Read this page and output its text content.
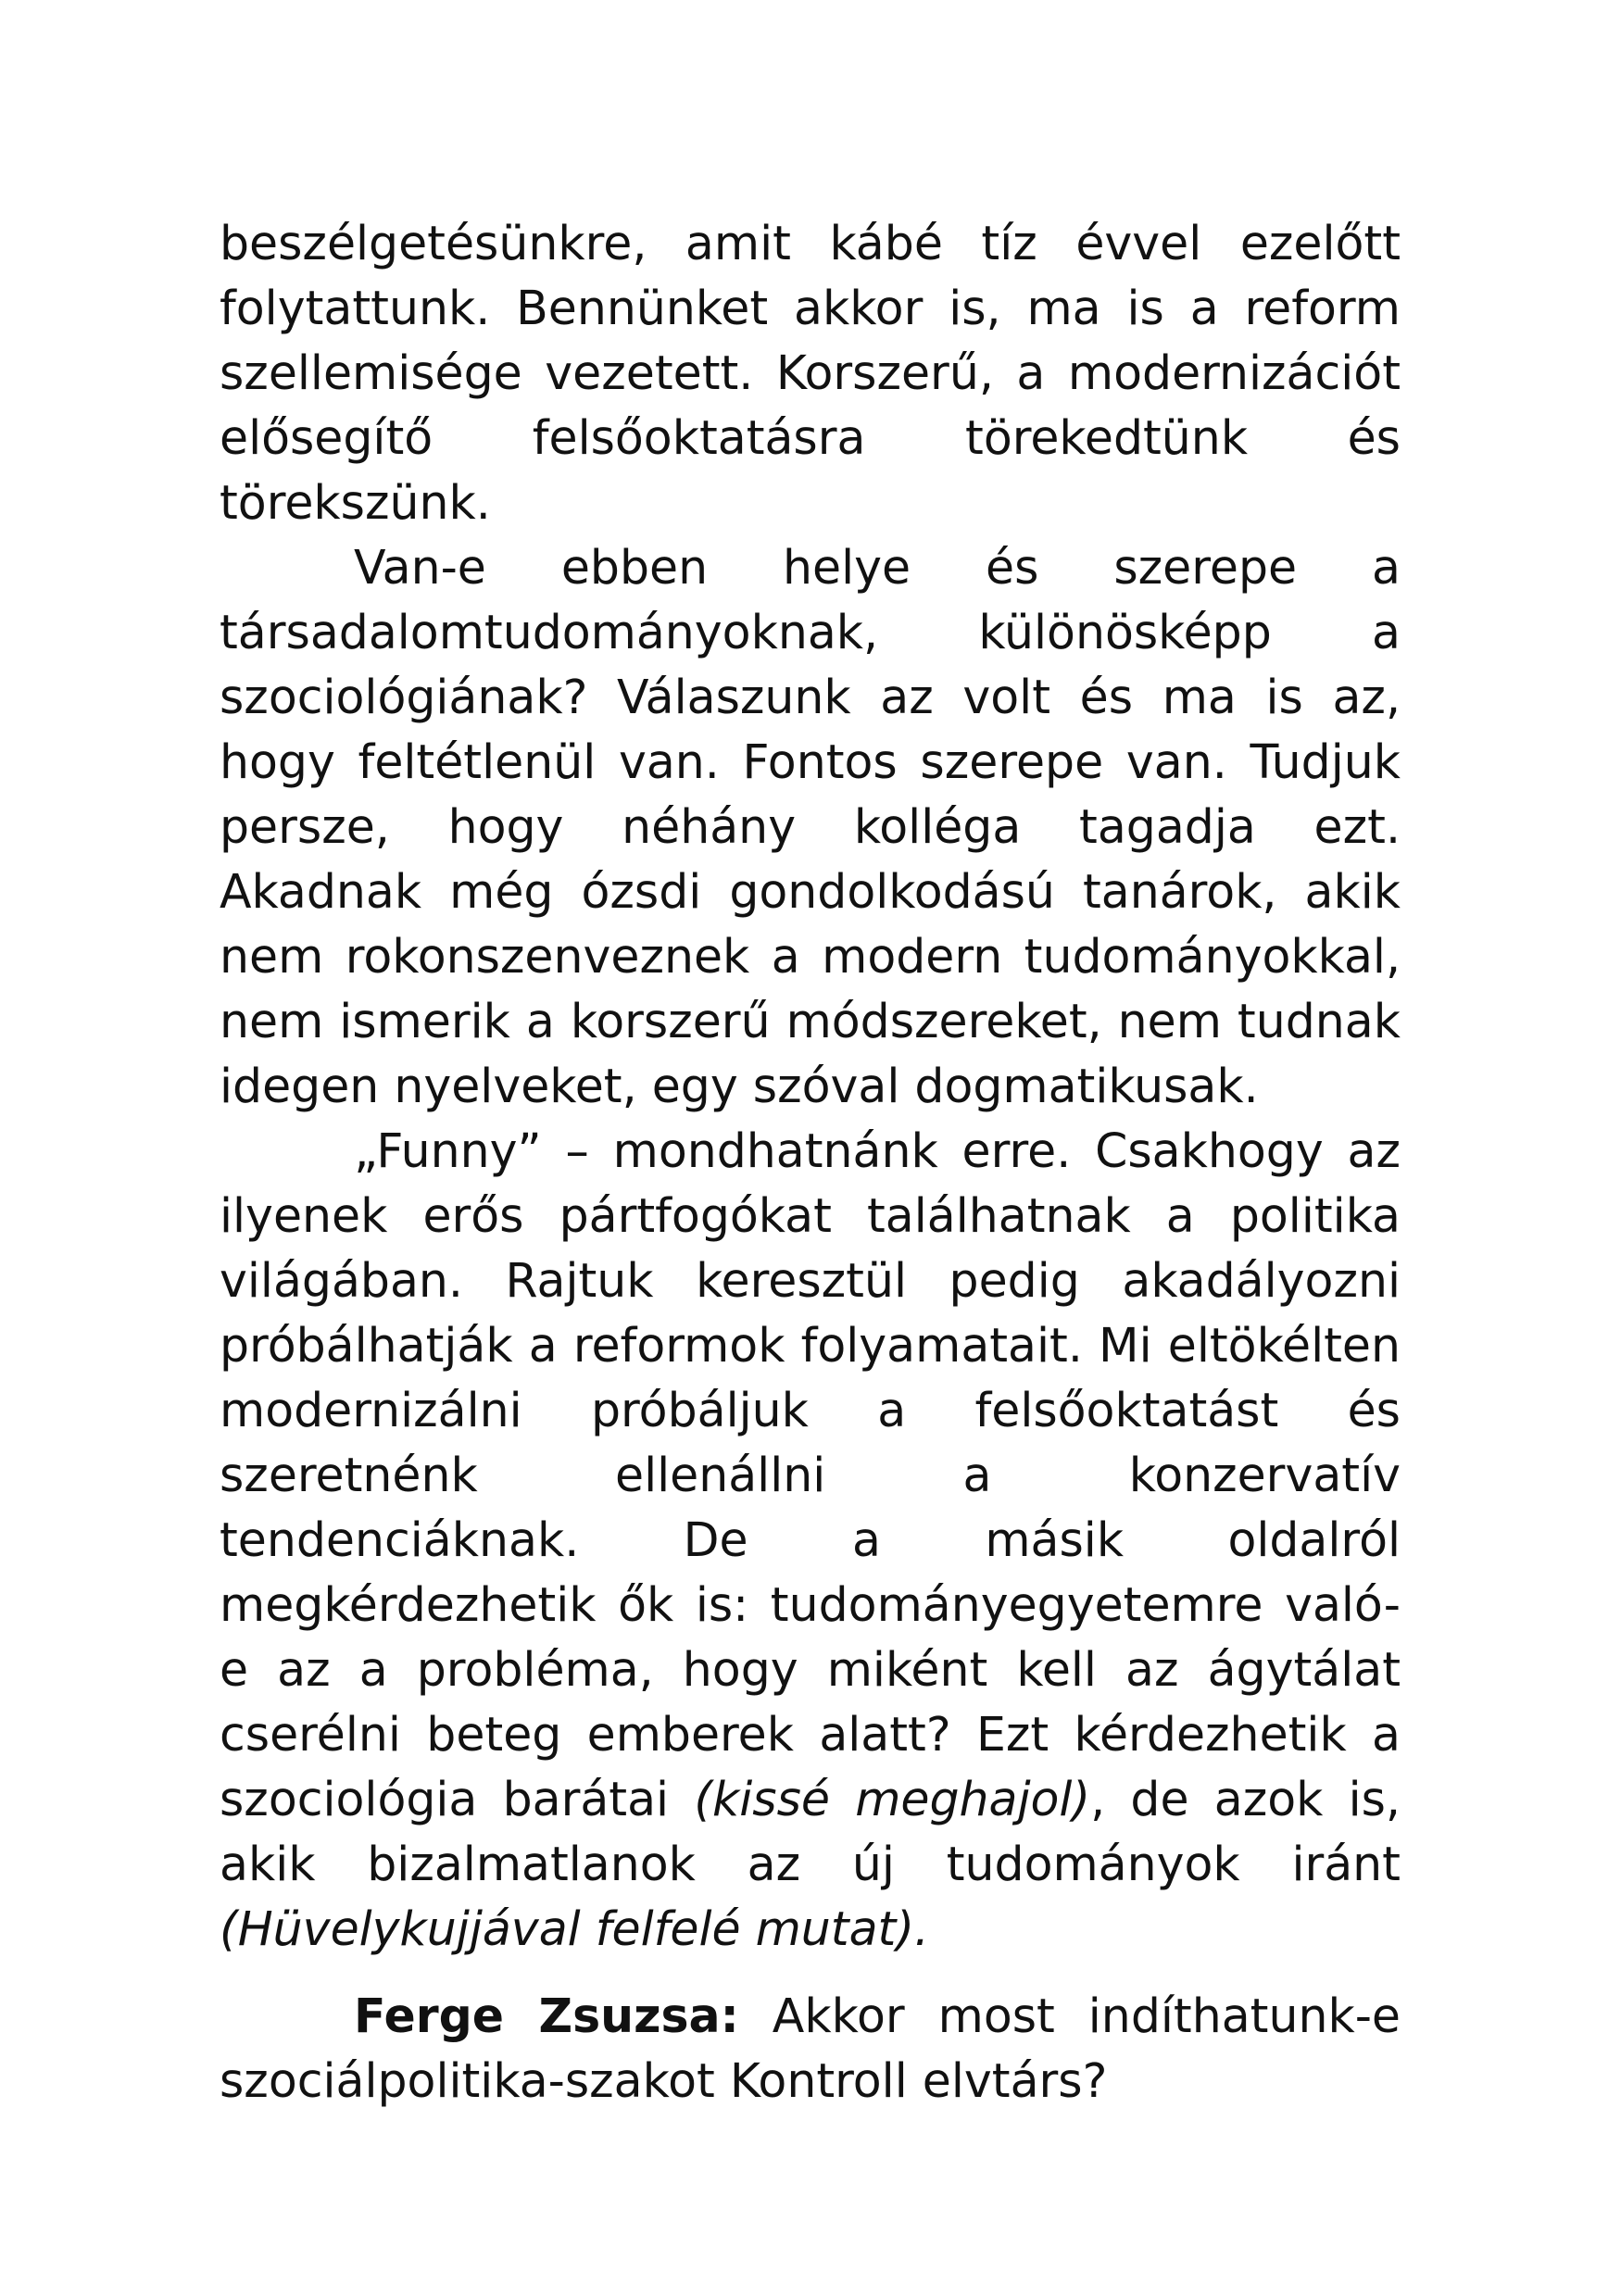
beszélgetésünkre, amit kábé tíz évvel ezelőtt folytattunk. Bennünket akkor is, ma is a reform szellemisége vezetett. Korszerű, a modernizációt elősegítő felsőoktatásra törekedtünk és törekszünk.

Van-e ebben helye és szerepe a társadalomtudományoknak, különösképp a szociológiának? Válaszunk az volt és ma is az, hogy feltétlenül van. Fontos szerepe van. Tudjuk persze, hogy néhány kolléga tagadja ezt. Akadnak még ózsdi gondolkodású tanárok, akik nem rokonszenveznek a modern tudományokkal, nem ismerik a korszerű módszereket, nem tudnak idegen nyelveket, egy szóval dogmatikusak.

„Funny” – mondhatnánk erre. Csakhogy az ilyenek erős pártfogókat találhatnak a politika világában. Rajtuk keresztül pedig akadályozni próbálhatják a reformok folyamatait. Mi eltökélten modernizálni próbáljuk a felsőoktatást és szeretnénk ellenállni a konzervatív tendenciáknak. De a másik oldalról megkérdezhetik ők is: tudományegyetemre való-e az a probléma, hogy miként kell az ágytálat cserélni beteg emberek alatt? Ezt kérdezhetik a szociológia barátai (kissé meghajol), de azok is, akik bizalmatlanok az új tudományok iránt (Hüvelykujjával felfelé mutat).

Ferge Zsuzsa: Akkor most indíthatunk-e szociálpolitika-szakot Kontroll elvtárs?
